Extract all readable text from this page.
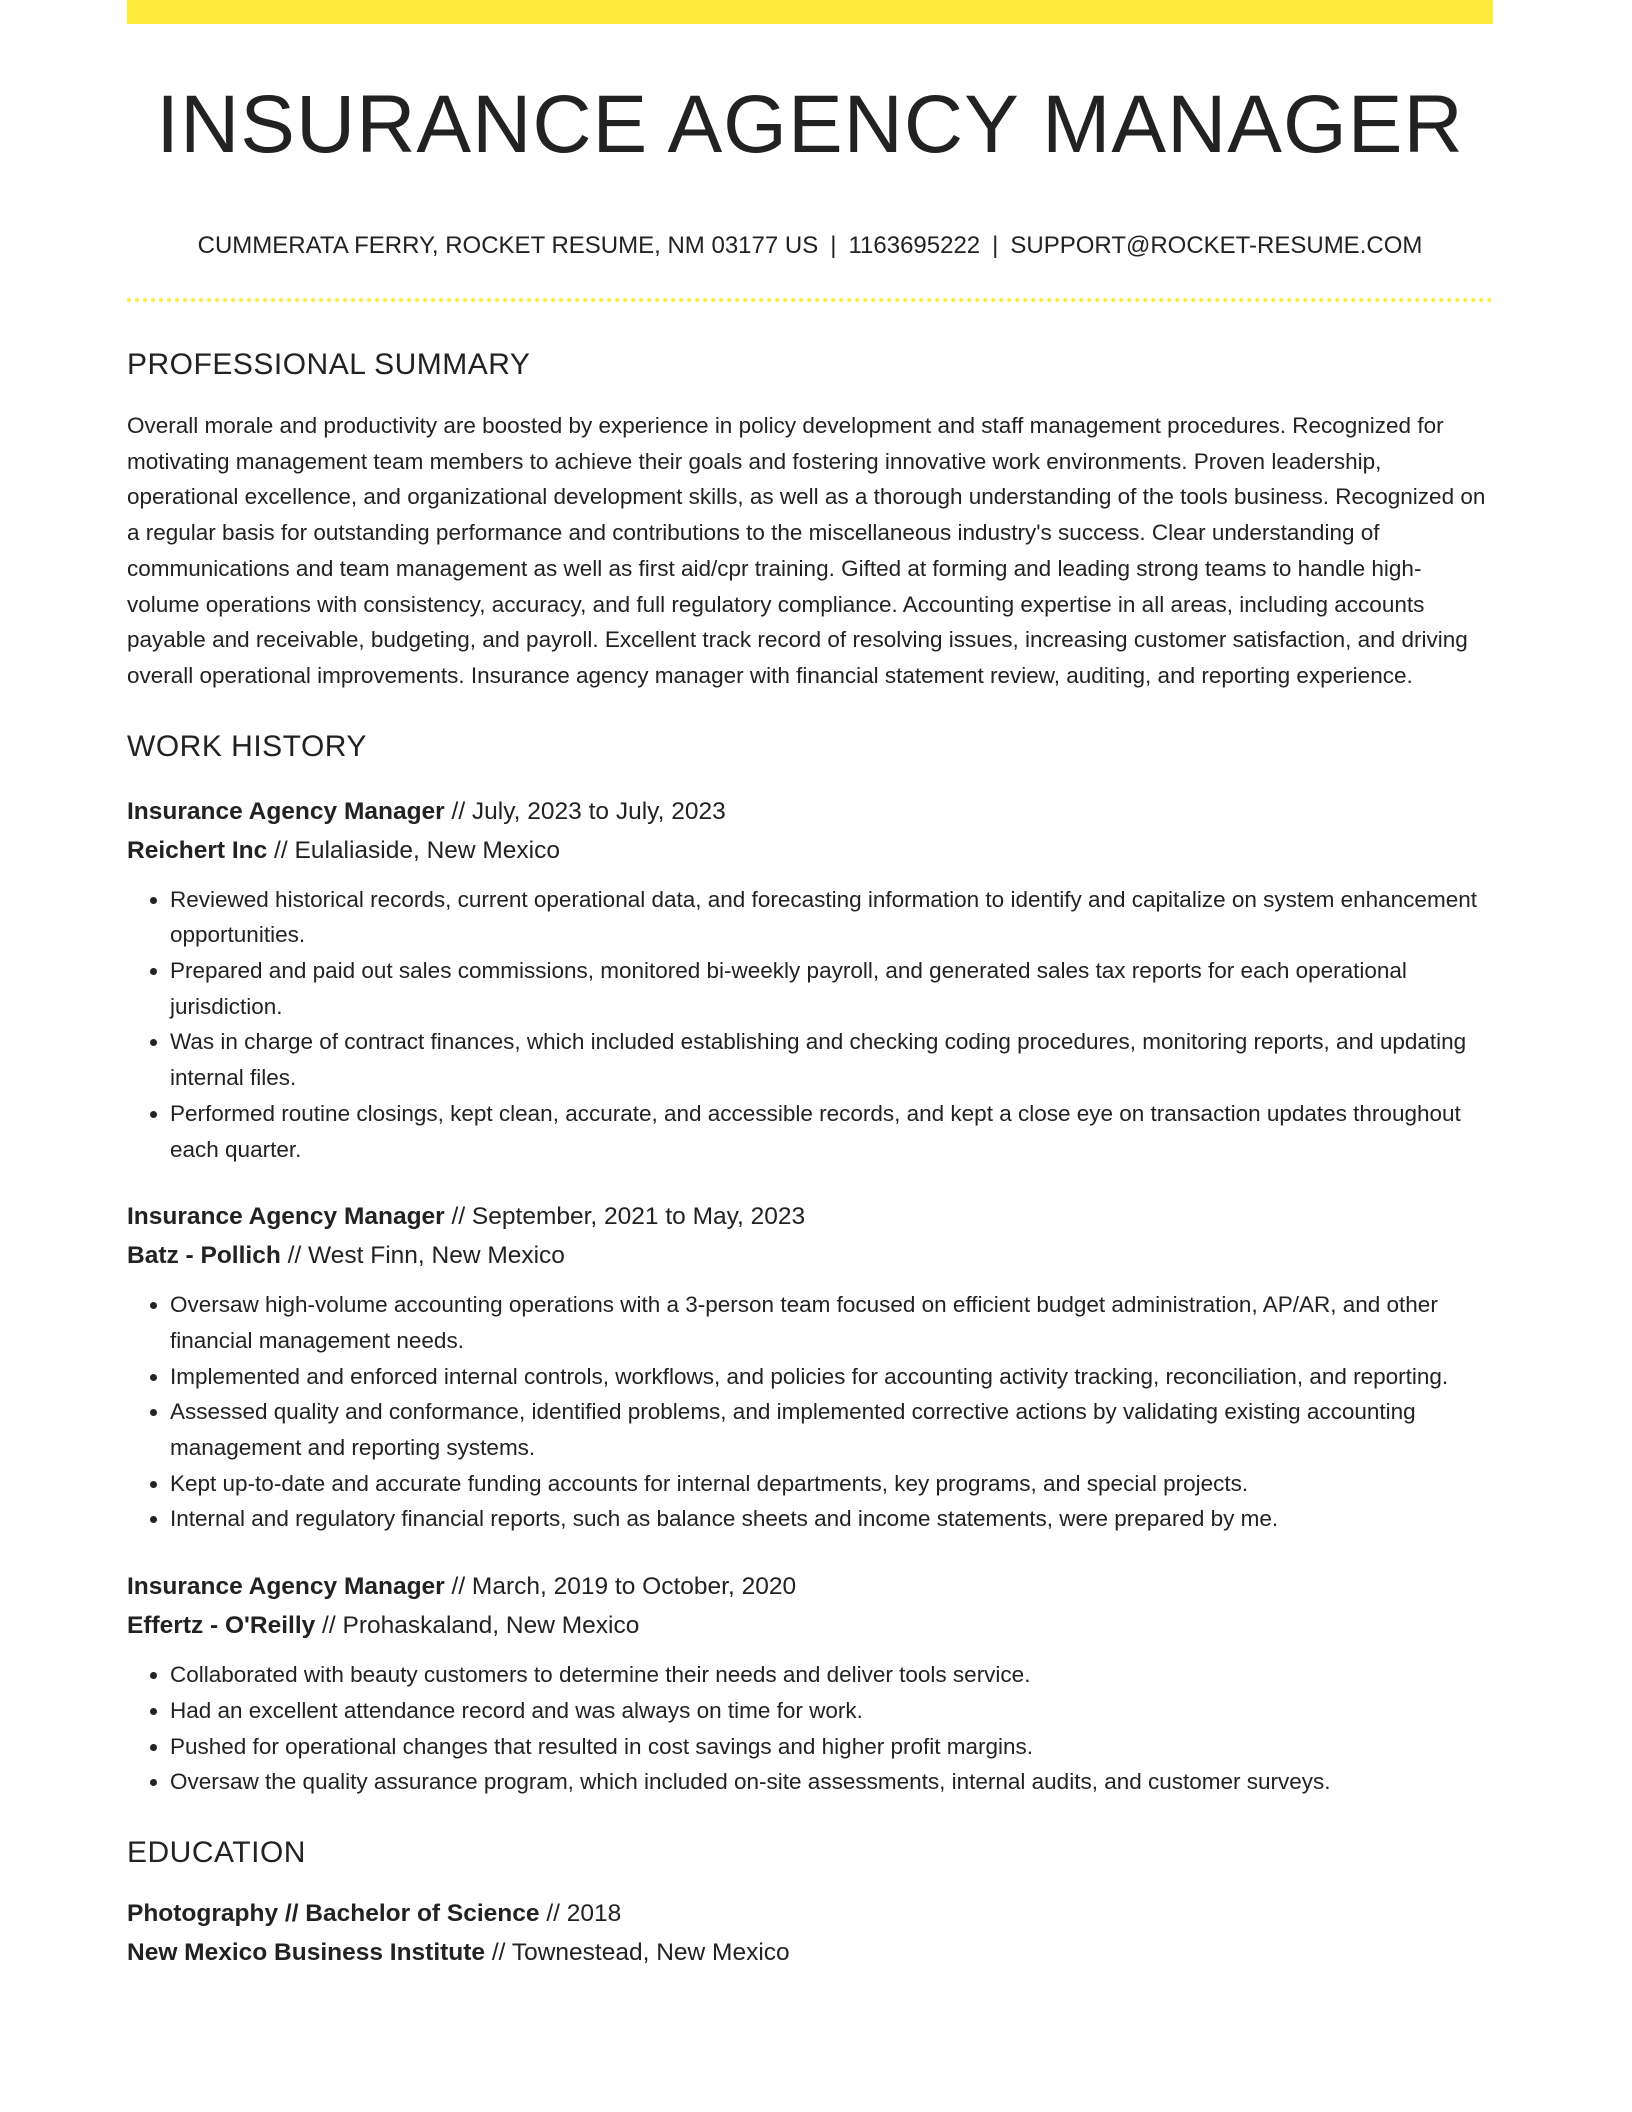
INSURANCE AGENCY MANAGER
CUMMERATA FERRY, ROCKET RESUME, NM 03177 US | 1163695222 | SUPPORT@ROCKET-RESUME.COM
PROFESSIONAL SUMMARY
Overall morale and productivity are boosted by experience in policy development and staff management procedures. Recognized for motivating management team members to achieve their goals and fostering innovative work environments. Proven leadership, operational excellence, and organizational development skills, as well as a thorough understanding of the tools business. Recognized on a regular basis for outstanding performance and contributions to the miscellaneous industry's success. Clear understanding of communications and team management as well as first aid/cpr training. Gifted at forming and leading strong teams to handle high-volume operations with consistency, accuracy, and full regulatory compliance. Accounting expertise in all areas, including accounts payable and receivable, budgeting, and payroll. Excellent track record of resolving issues, increasing customer satisfaction, and driving overall operational improvements. Insurance agency manager with financial statement review, auditing, and reporting experience.
WORK HISTORY
Insurance Agency Manager // July, 2023 to July, 2023
Reichert Inc // Eulaliaside, New Mexico
• Reviewed historical records, current operational data, and forecasting information to identify and capitalize on system enhancement opportunities.
• Prepared and paid out sales commissions, monitored bi-weekly payroll, and generated sales tax reports for each operational jurisdiction.
• Was in charge of contract finances, which included establishing and checking coding procedures, monitoring reports, and updating internal files.
• Performed routine closings, kept clean, accurate, and accessible records, and kept a close eye on transaction updates throughout each quarter.
Insurance Agency Manager // September, 2021 to May, 2023
Batz - Pollich // West Finn, New Mexico
• Oversaw high-volume accounting operations with a 3-person team focused on efficient budget administration, AP/AR, and other financial management needs.
• Implemented and enforced internal controls, workflows, and policies for accounting activity tracking, reconciliation, and reporting.
• Assessed quality and conformance, identified problems, and implemented corrective actions by validating existing accounting management and reporting systems.
• Kept up-to-date and accurate funding accounts for internal departments, key programs, and special projects.
• Internal and regulatory financial reports, such as balance sheets and income statements, were prepared by me.
Insurance Agency Manager // March, 2019 to October, 2020
Effertz - O'Reilly // Prohaskaland, New Mexico
• Collaborated with beauty customers to determine their needs and deliver tools service.
• Had an excellent attendance record and was always on time for work.
• Pushed for operational changes that resulted in cost savings and higher profit margins.
• Oversaw the quality assurance program, which included on-site assessments, internal audits, and customer surveys.
EDUCATION
Photography // Bachelor of Science // 2018
New Mexico Business Institute // Townestead, New Mexico
